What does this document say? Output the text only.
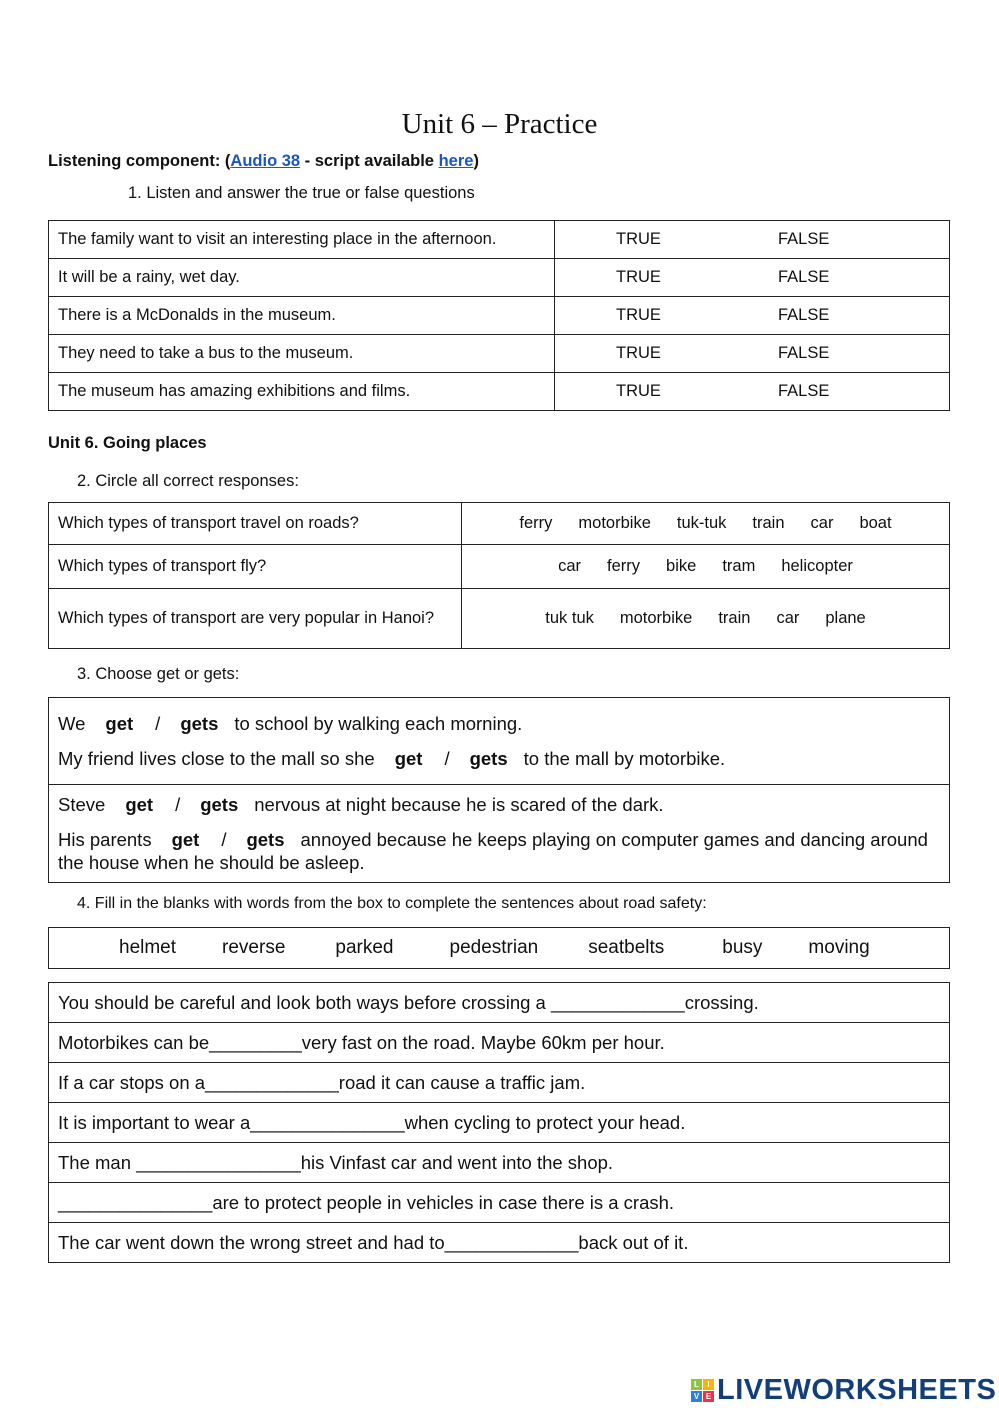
Unit 6 – Practice
Listening component: (Audio 38 - script available here)
1. Listen and answer the true or false questions
The family want to visit an interesting place in the afternoon.	TRUE FALSE

It will be a rainy, wet day.	TRUE FALSE

There is a McDonalds in the museum.	TRUE FALSE

They need to take a bus to the museum.	TRUE FALSE

The museum has amazing exhibitions and films.	TRUE FALSE
Unit 6. Going places
2. Circle all correct responses:
Which types of transport travel on roads?	ferry motorbike tuk-tuk train car boat
Which types of transport fly?	car ferry bike tram helicopter
Which types of transport are very popular in Hanoi?	tuk tuk motorbike train car plane
3. Choose get or gets:

We get / gets to school by walking each morning.

My friend lives close to the mall so she get / gets to the mall by motorbike.

Steve get / gets nervous at night because he is scared of the dark.

His parents get / gets annoyed because he keeps playing on computer games and dancing around the house when he should be asleep.

4. Fill in the blanks with words from the box to complete the sentences about road safety:
helmet reverse	parked	pedestrian	seatbelts	busy moving
You should be careful and look both ways before crossing a _____________crossing.
Motorbikes can be_________very fast on the road. Maybe 60km per hour.
If a car stops on a_____________road it can cause a traffic jam.
It is important to wear a_______________when cycling to protect your head.
The man ________________his Vinfast car and went into the shop.
_______________are to protect people in vehicles in case there is a crash.
The car went down the wrong street and had to_____________back out of it.
L	I
V E LIVEWORKSHEETS
